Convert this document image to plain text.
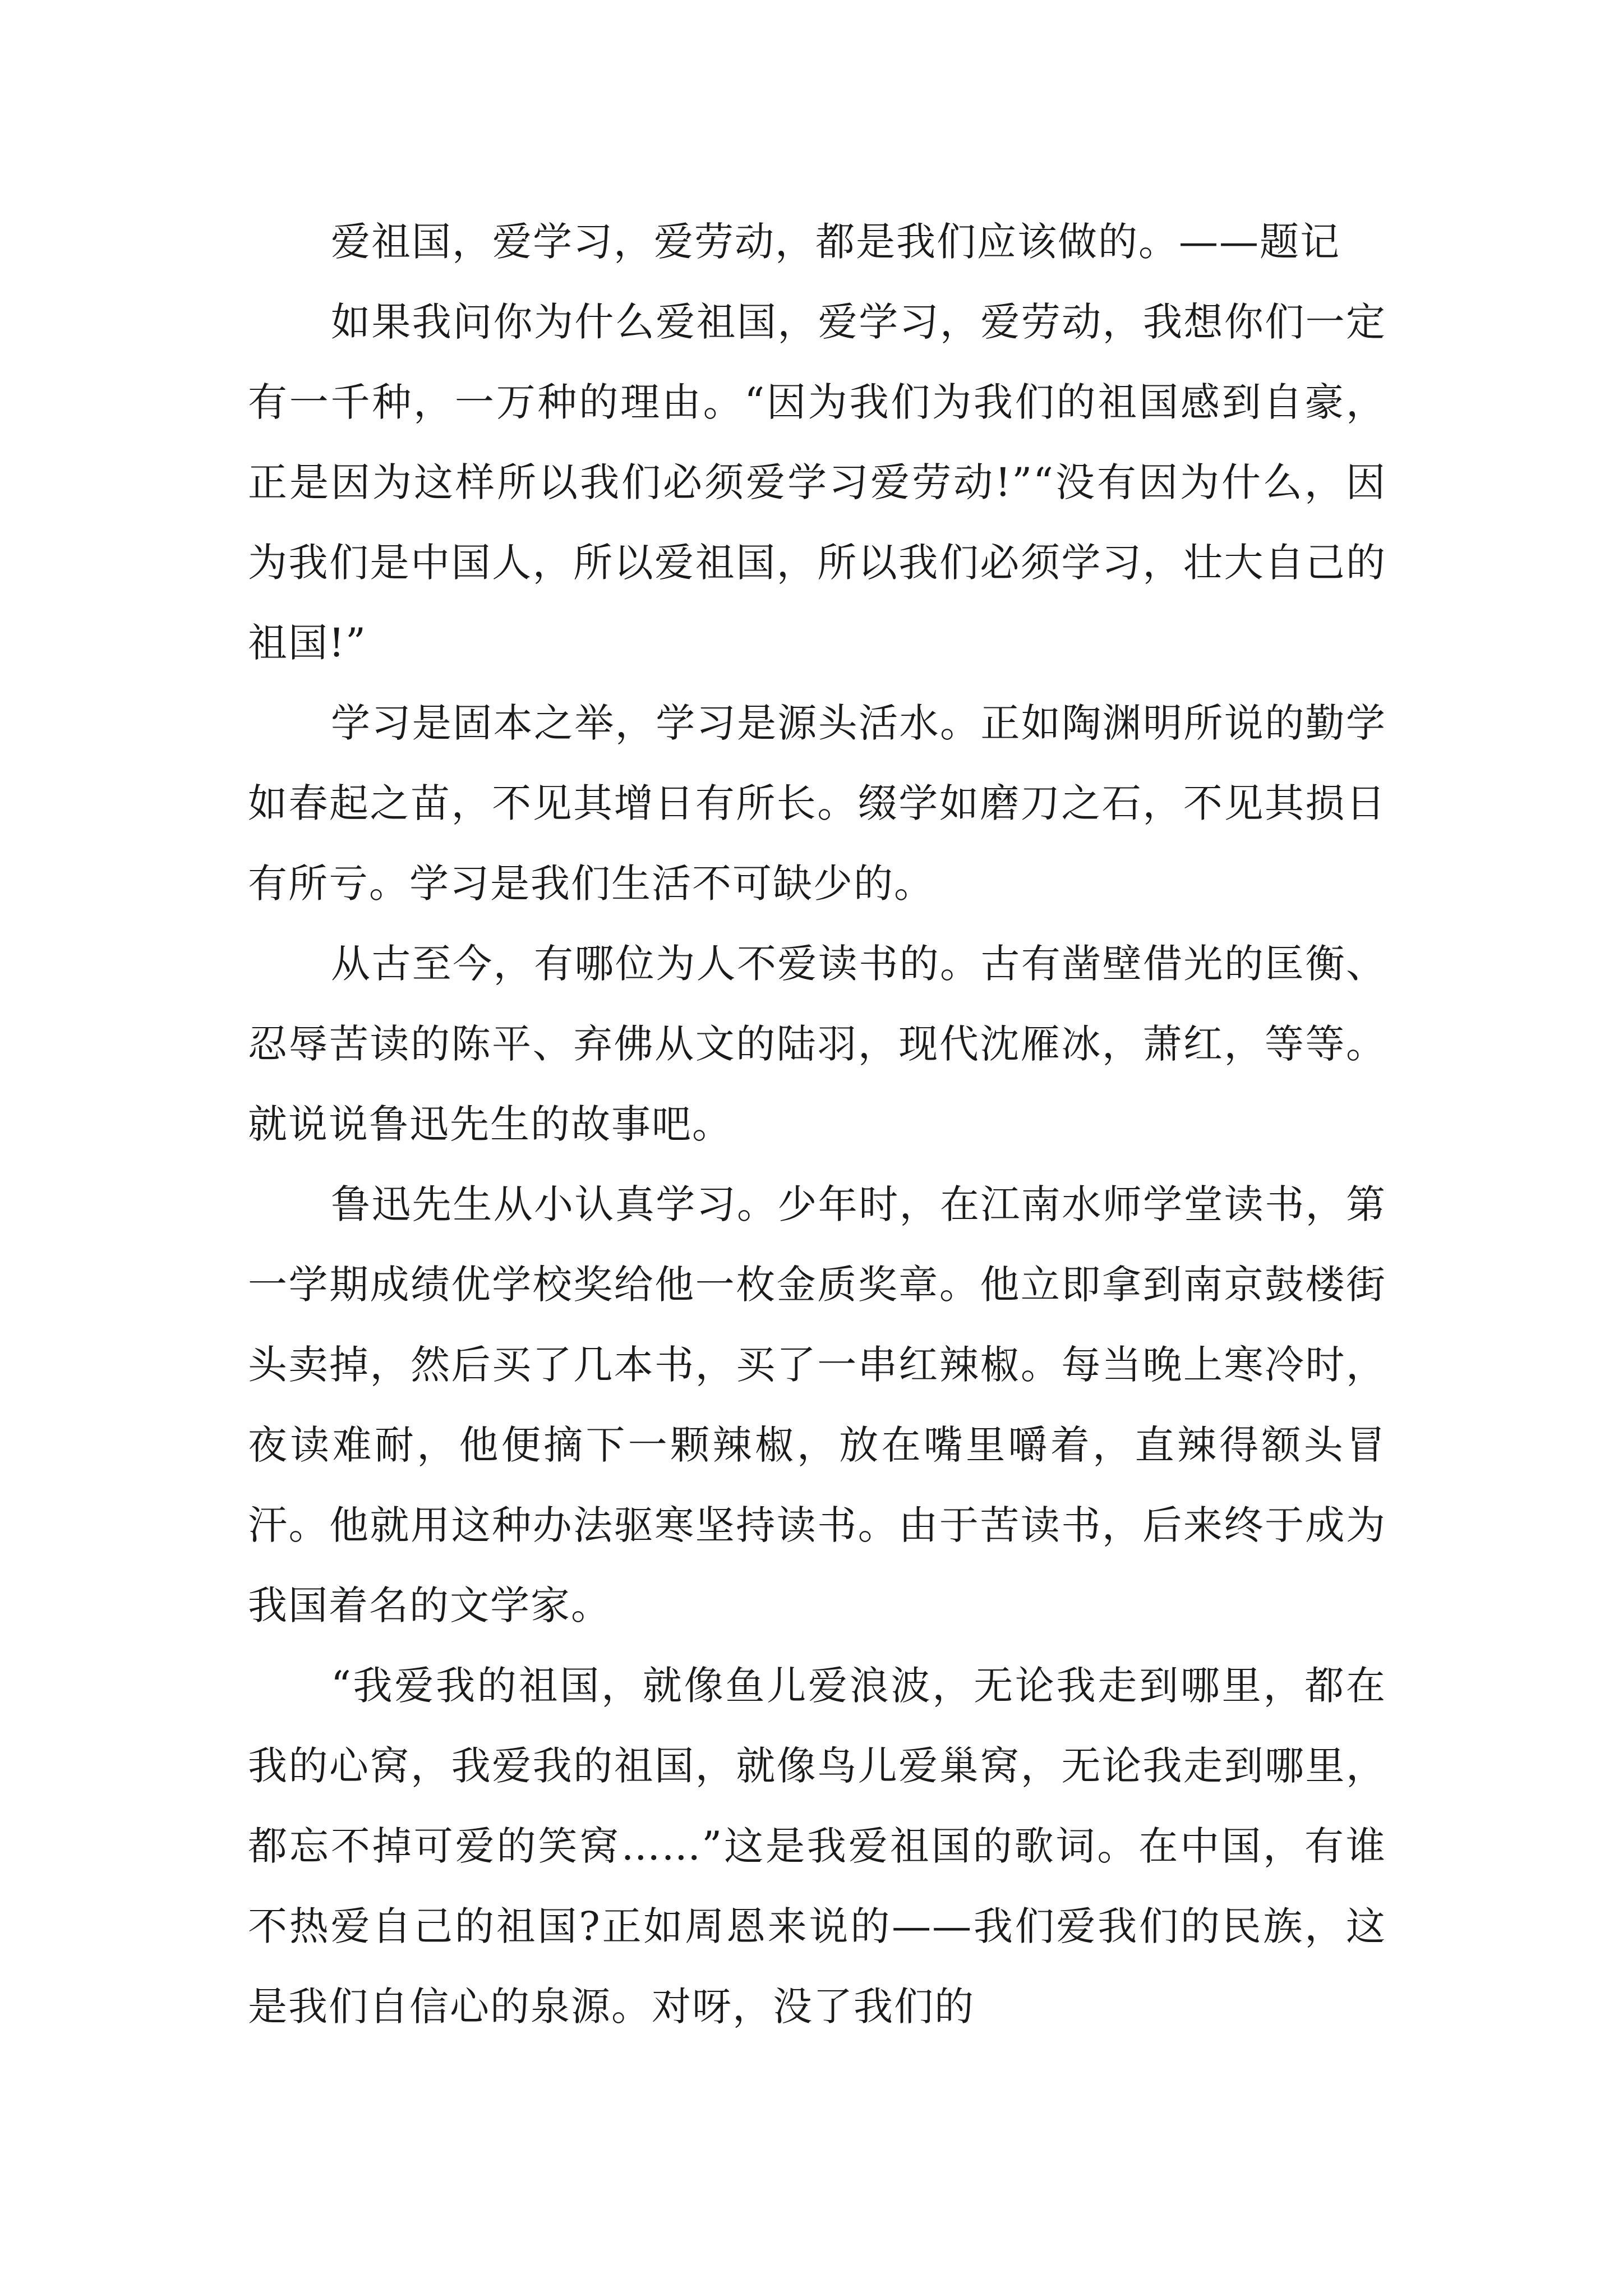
爱祖国，爱学习，爱劳动，都是我们应该做的。——题记

如果我问你为什么爱祖国，爱学习，爱劳动，我想你们一定有一千种，一万种的理由。“因为我们为我们的祖国感到自豪，正是因为这样所以我们必须爱学习爱劳动!”“没有因为什么，因为我们是中国人，所以爱祖国，所以我们必须学习，壮大自己的祖国!”

学习是固本之举，学习是源头活水。正如陶渊明所说的勤学如春起之苗，不见其增日有所长。缀学如磨刀之石，不见其损日有所亏。学习是我们生活不可缺少的。

从古至今，有哪位为人不爱读书的。古有凿壁借光的匡衡、忍辱苦读的陈平、弃佛从文的陆羽，现代沈雁冰，萧红，等等。就说说鲁迅先生的故事吧。

鲁迅先生从小认真学习。少年时，在江南水师学堂读书，第一学期成绩优学校奖给他一枚金质奖章。他立即拿到南京鼓楼街头卖掉，然后买了几本书，买了一串红辣椒。每当晚上寒冷时，夜读难耐，他便摘下一颗辣椒，放在嘴里嚼着，直辣得额头冒汗。他就用这种办法驱寒坚持读书。由于苦读书，后来终于成为我国着名的文学家。

“我爱我的祖国，就像鱼儿爱浪波，无论我走到哪里，都在我的心窝，我爱我的祖国，就像鸟儿爱巢窝，无论我走到哪里，都忘不掉可爱的笑窝……”这是我爱祖国的歌词。在中国，有谁不热爱自己的祖国?正如周恩来说的——我们爱我们的民族，这是我们自信心的泉源。对呀，没了我们的
